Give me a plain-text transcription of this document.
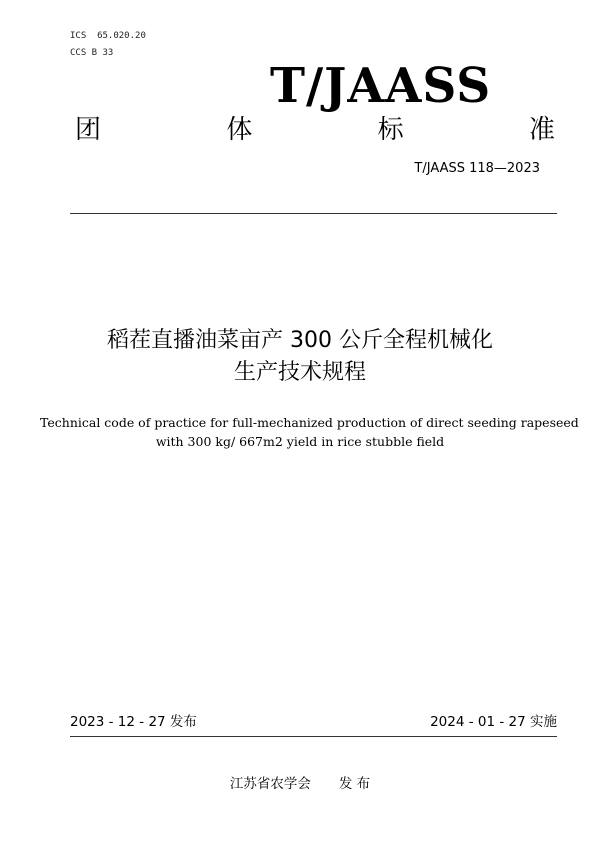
ICS  65.020.20
CCS B 33
T/JAASS
团	体	标	准
T/JAASS 118—2023
稻茬直播油菜亩产 300 公斤全程机械化
生产技术规程
Technical code of practice for full-mechanized production of direct seeding rapeseed
with 300 kg/ 667m2 yield in rice stubble field
2023 - 12 - 27 发布	2024 - 01 - 27 实施
江苏省农学会 发 布
